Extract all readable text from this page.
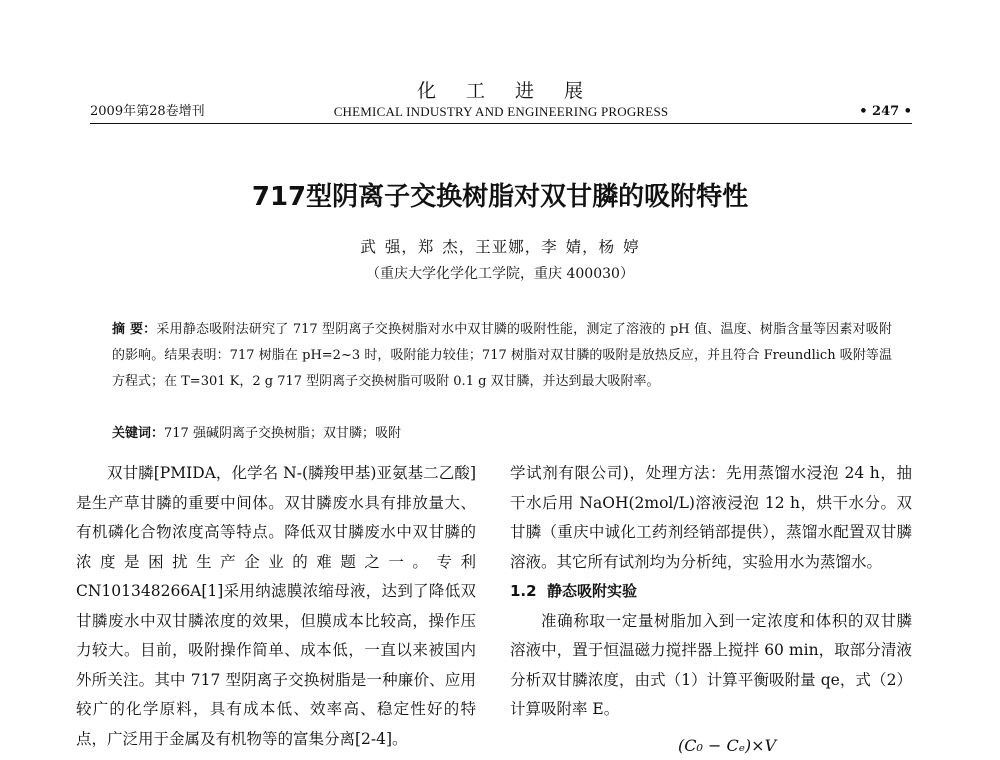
化工进展
2009年第28卷增刊	CHEMICAL INDUSTRY AND ENGINEERING PROGRESS	• 247 •
717型阴离子交换树脂对双甘膦的吸附特性
武 强，郑 杰，王亚娜，李 婧，杨 婷
（重庆大学化学化工学院，重庆 400030）
摘 要：采用静态吸附法研究了 717 型阴离子交换树脂对水中双甘膦的吸附性能，测定了溶液的 pH 值、温度、树脂含量等因素对吸附的影响。结果表明：717 树脂在 pH=2~3 时，吸附能力较佳；717 树脂对双甘膦的吸附是放热反应，并且符合 Freundlich 吸附等温方程式；在 T=301 K，2 g 717 型阴离子交换树脂可吸附 0.1 g 双甘膦，并达到最大吸附率。
关键词：717 强碱阴离子交换树脂；双甘膦；吸附

双甘膦[PMIDA，化学名 N-(膦羧甲基)亚氨基二乙酸]是生产草甘膦的重要中间体。双甘膦废水具有排放量大、有机磷化合物浓度高等特点。降低双甘膦废水中双甘膦的浓度是困扰生产企业的难题之一。专利 CN101348266A[1]采用纳滤膜浓缩母液，达到了降低双甘膦废水中双甘膦浓度的效果，但膜成本比较高，操作压力较大。目前，吸附操作简单、成本低，一直以来被国内外所关注。其中 717 型阴离子交换树脂是一种廉价、应用较广的化学原料，具有成本低、效率高、稳定性好的特点，广泛用于金属及有机物等的富集分离[2-4]。

学试剂有限公司)，处理方法：先用蒸馏水浸泡 24 h，抽干水后用 NaOH(2mol/L)溶液浸泡 12 h，烘干水分。双甘膦（重庆中诚化工药剂经销部提供），蒸馏水配置双甘膦溶液。其它所有试剂均为分析纯，实验用水为蒸馏水。

1.2 静态吸附实验

准确称取一定量树脂加入到一定浓度和体积的双甘膦溶液中，置于恒温磁力搅拌器上搅拌 60 min，取部分清液分析双甘膦浓度，由式（1）计算平衡吸附量 qe，式（2）计算吸附率 E。

(C₀ − Cₑ)×V
